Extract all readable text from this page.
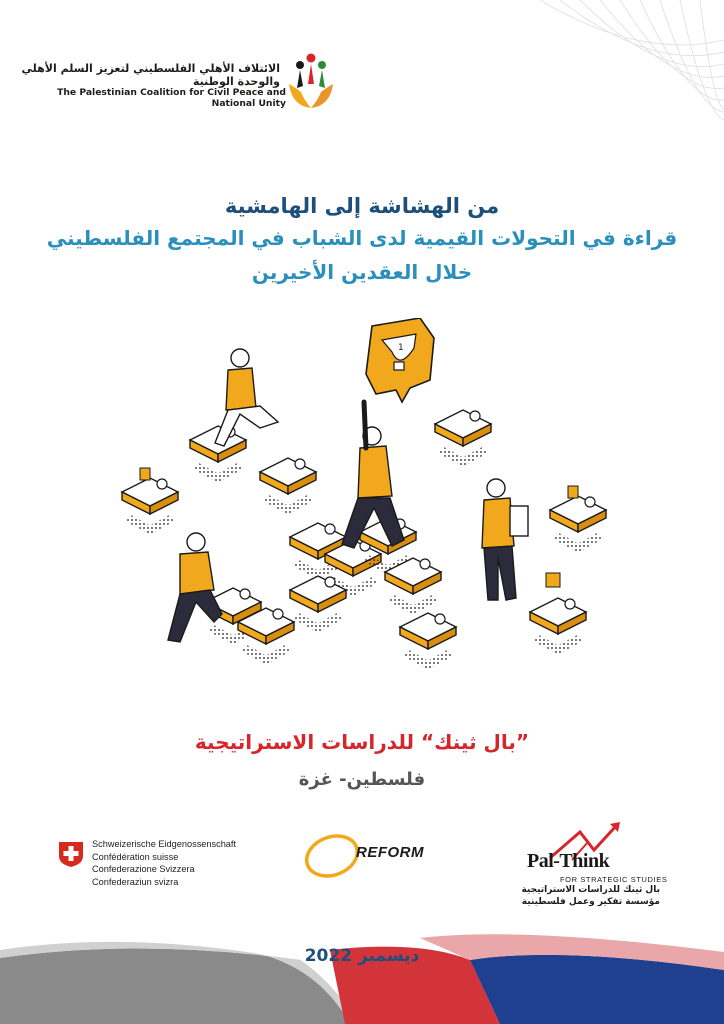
الائتلاف الأهلي الفلسطيني لتعزيز السلم الأهلي والوحدة الوطنية
The Palestinian Coalition for Civil Peace and National Unity
من الهشاشة إلى الهامشية
قراءة في التحولات القيمية لدى الشباب في المجتمع الفلسطيني
خلال العقدين الأخيرين
1
”بال ثينك“ للدراسات الاستراتيجية
فلسطين- غزة
Schweizerische Eidgenossenschaft
Confédération suisse
Confederazione Svizzera
Confederaziun svizra
REFORM	Pal-Think
FOR STRATEGIC STUDIES
بال ثينك للدراسات الاستراتيجية
مؤسسة تفكير وعمل فلسطينية
ديسمبر 2022
